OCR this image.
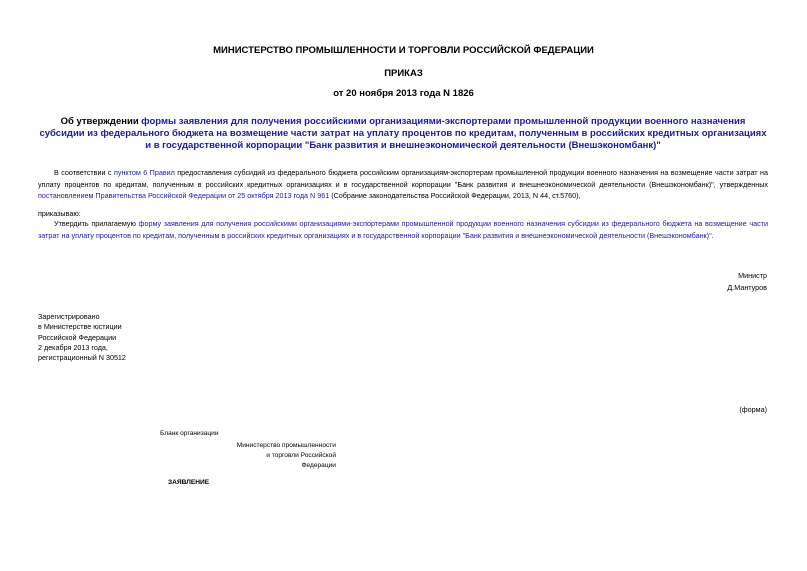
МИНИСТЕРСТВО ПРОМЫШЛЕННОСТИ И ТОРГОВЛИ РОССИЙСКОЙ ФЕДЕРАЦИИ
ПРИКАЗ
от 20 ноября 2013 года N 1826
Об утверждении формы заявления для получения российскими организациями-экспортерами промышленной продукции военного назначения субсидии из федерального бюджета на возмещение части затрат на уплату процентов по кредитам, полученным в российских кредитных организациях и в государственной корпорации "Банк развития и внешнеэкономической деятельности (Внешэкономбанк)"
В соответствии с пунктом 6 Правил предоставления субсидий из федерального бюджета российским организациям-экспортерам промышленной продукции военного назначения на возмещение части затрат на уплату процентов по кредитам, полученным в российских кредитных организациях и в государственной корпорации "Банк развития и внешнеэкономической деятельности (Внешэкономбанк)", утвержденных постановлением Правительства Российской Федерации от 25 октября 2013 года N 961 (Собрание законодательства Российской Федерации, 2013, N 44, ст.5760),
приказываю:
Утвердить прилагаемую форму заявления для получения российскими организациями-экспортерами промышленной продукции военного назначения субсидии из федерального бюджета на возмещение части затрат на уплату процентов по кредитам, полученным в российских кредитных организациях и в государственной корпорации "Банк развития и внешнеэкономической деятельности (Внешэкономбанк)".
Министр
Д.Мантуров
Зарегистрировано
в Министерстве юстиции
Российской Федерации
2 декабря 2013 года,
регистрационный N 30512
(форма)
Бланк организации
Министерство промышленности
и торговли Российской Федерации
ЗАЯВЛЕНИЕ
